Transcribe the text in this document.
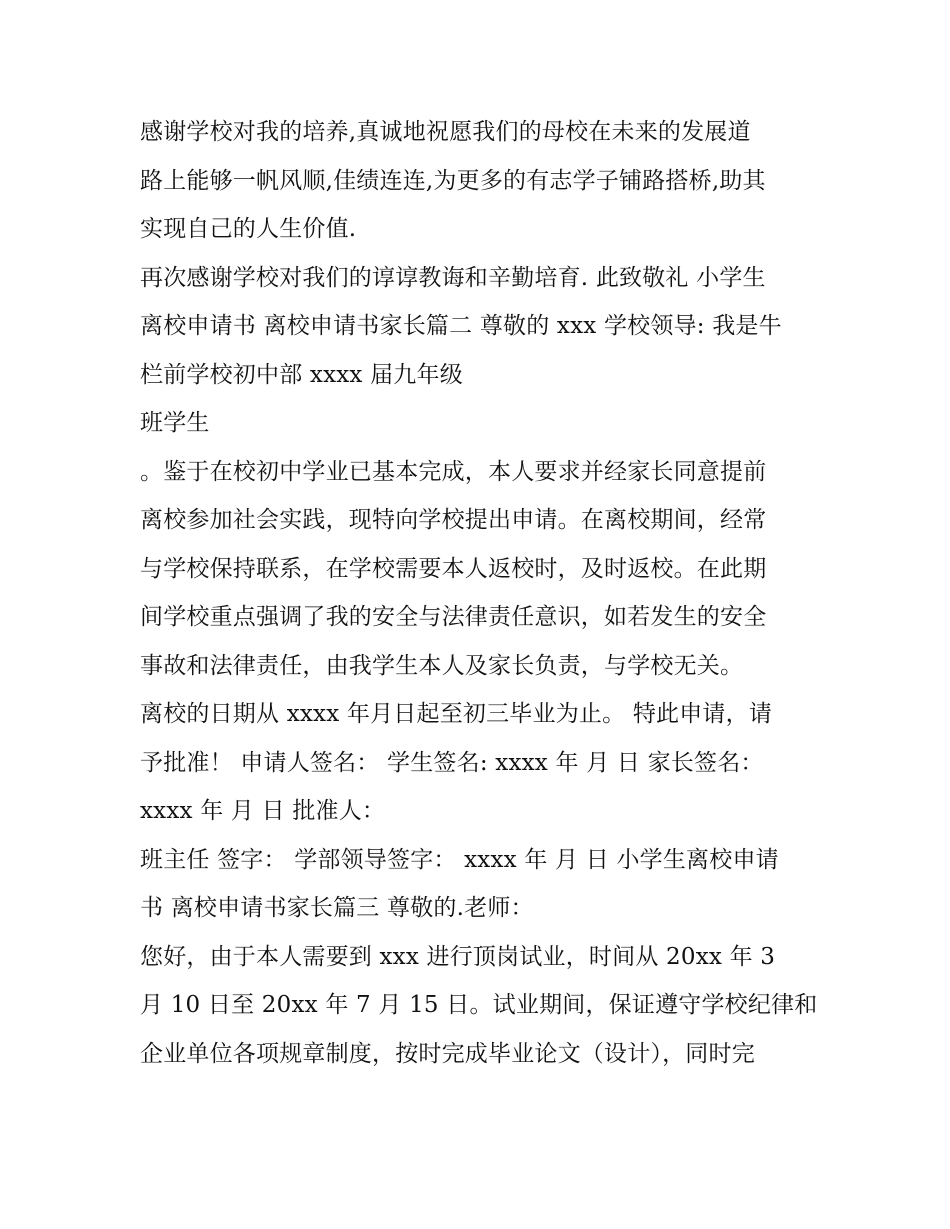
感谢学校对我的培养,真诚地祝愿我们的母校在未来的发展道
路上能够一帆风顺,佳绩连连,为更多的有志学子铺路搭桥,助其
实现自己的人生价值.
再次感谢学校对我们的谆谆教诲和辛勤培育. 此致敬礼 小学生
离校申请书 离校申请书家长篇二 尊敬的 xxx 学校领导: 我是牛
栏前学校初中部 xxxx 届九年级
班学生
。鉴于在校初中学业已基本完成，本人要求并经家长同意提前
离校参加社会实践，现特向学校提出申请。在离校期间，经常
与学校保持联系，在学校需要本人返校时，及时返校。在此期
间学校重点强调了我的安全与法律责任意识，如若发生的安全
事故和法律责任，由我学生本人及家长负责，与学校无关。
离校的日期从 xxxx 年月日起至初三毕业为止。 特此申请，请
予批准！ 申请人签名： 学生签名: xxxx 年 月 日 家长签名：
xxxx 年 月 日 批准人：
班主任 签字： 学部领导签字： xxxx 年 月 日 小学生离校申请
书 离校申请书家长篇三 尊敬的.老师：
您好，由于本人需要到 xxx 进行顶岗试业，时间从 20xx 年 3
月 10 日至 20xx 年 7 月 15 日。试业期间，保证遵守学校纪律和
企业单位各项规章制度，按时完成毕业论文（设计），同时完
